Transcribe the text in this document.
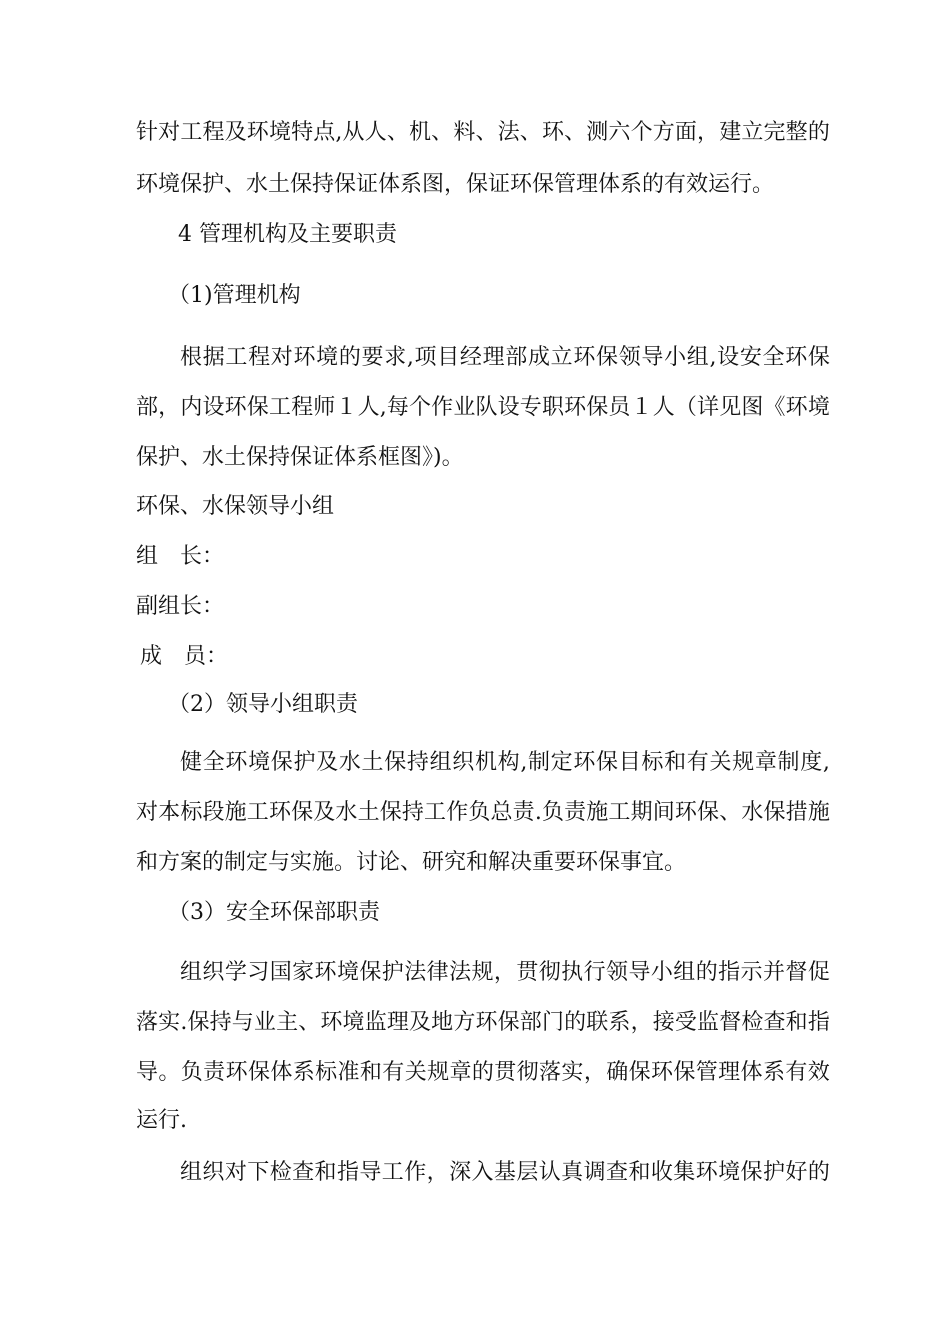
针 对 工 程 及 环 境 特 点 , 从 人 、 机 、 料 、 法 、 环 、 测 六 个 方 面 ， 建 立 完 整 的
环境保护、水土保持保证体系图，保证环保管理体系的有效运行。
4 管理机构及主要职责
（1)管理机构
根 据 工 程 对 环 境 的 要 求 , 项 目 经 理 部 成 立 环 保 领 导 小 组 , 设 安 全 环 保
部 ， 内 设 环 保 工 程 师 １ 人 , 每 个 作 业 队 设 专 职 环 保 员 １ 人 （ 详 见 图 《 环 境
保护、水土保持保证体系框图》)。
环保、水保领导小组
组　长：
副组长：
成　员：
（2）领导小组职责
健 全 环 境 保 护 及 水 土 保 持 组 织 机 构 , 制 定 环 保 目 标 和 有 关 规 章 制 度 ,
对 本 标 段 施 工 环 保 及 水 土 保 持 工 作 负 总 责 . 负 责 施 工 期 间 环 保 、 水 保 措 施
和方案的制定与实施。讨论、研究和解决重要环保事宜。
（3）安全环保部职责
组 织 学 习 国 家 环 境 保 护 法 律 法 规 ， 贯 彻 执 行 领 导 小 组 的 指 示 并 督 促
落 实 . 保 持 与 业 主 、 环 境 监 理 及 地 方 环 保 部 门 的 联 系 ， 接 受 监 督 检 查 和 指
导 。 负 责 环 保 体 系 标 准 和 有 关 规 章 的 贯 彻 落 实 ， 确 保 环 保 管 理 体 系 有 效
运行.
组 织 对 下 检 查 和 指 导 工 作 ， 深 入 基 层 认 真 调 查 和 收 集 环 境 保 护 好 的
